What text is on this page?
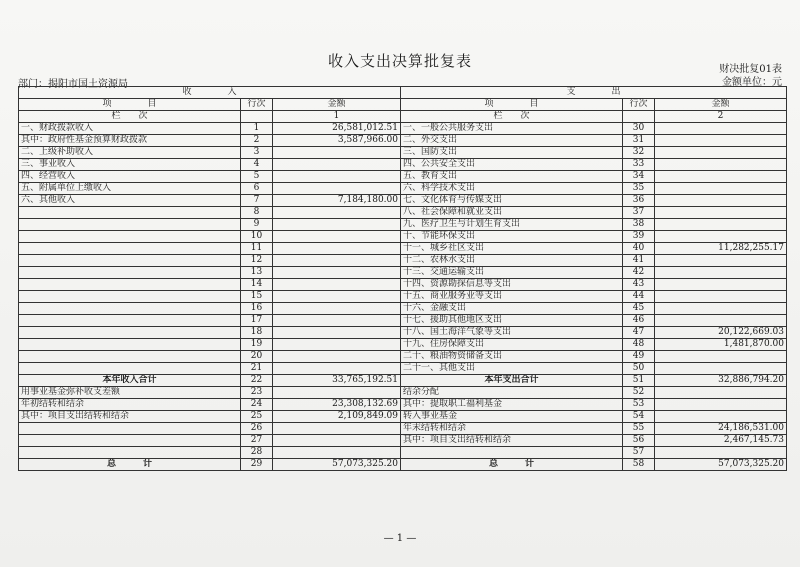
收入支出决算批复表	财决批复01表
部门：揭阳市国土资源局	金额单位：元
收　　　　入			支　　　　出		
项　　　　目	行次	金额	项　　　　目	行次	金额
栏　　次		1	栏　　次		2
一、财政拨款收入	1	26,581,012.51	一、一般公共服务支出	30	
其中：政府性基金预算财政拨款	2	3,587,966.00	二、外交支出	31	
二、上级补助收入	3		三、国防支出	32	
三、事业收入	4		四、公共安全支出	33	
四、经营收入	5		五、教育支出	34	
五、附属单位上缴收入	6		六、科学技术支出	35	
六、其他收入	7	7,184,180.00	七、文化体育与传媒支出	36	
	8		八、社会保障和就业支出	37	
	9		九、医疗卫生与计划生育支出	38	
	10		十、节能环保支出	39	
	11		十一、城乡社区支出	40	11,282,255.17
	12		十二、农林水支出	41	
	13		十三、交通运输支出	42	
	14		十四、资源勘探信息等支出	43	
	15		十五、商业服务业等支出	44	
	16		十六、金融支出	45	
	17		十七、援助其他地区支出	46	
	18		十八、国土海洋气象等支出	47	20,122,669.03
	19		十九、住房保障支出	48	1,481,870.00
	20		二十、粮油物资储备支出	49	
	21		二十一、其他支出	50	
本年收入合计	22	33,765,192.51	本年支出合计	51	32,886,794.20
用事业基金弥补收支差额	23		结余分配	52	
年初结转和结余	24	23,308,132.69	其中：提取职工福利基金	53	
其中：项目支出结转和结余	25	2,109,849.09	转入事业基金	54	
	26		年末结转和结余	55	24,186,531.00
	27		其中：项目支出结转和结余	56	2,467,145.73
	28			57	
总　　　计	29	57,073,325.20	总　　　计	58	57,073,325.20
— 1 —
